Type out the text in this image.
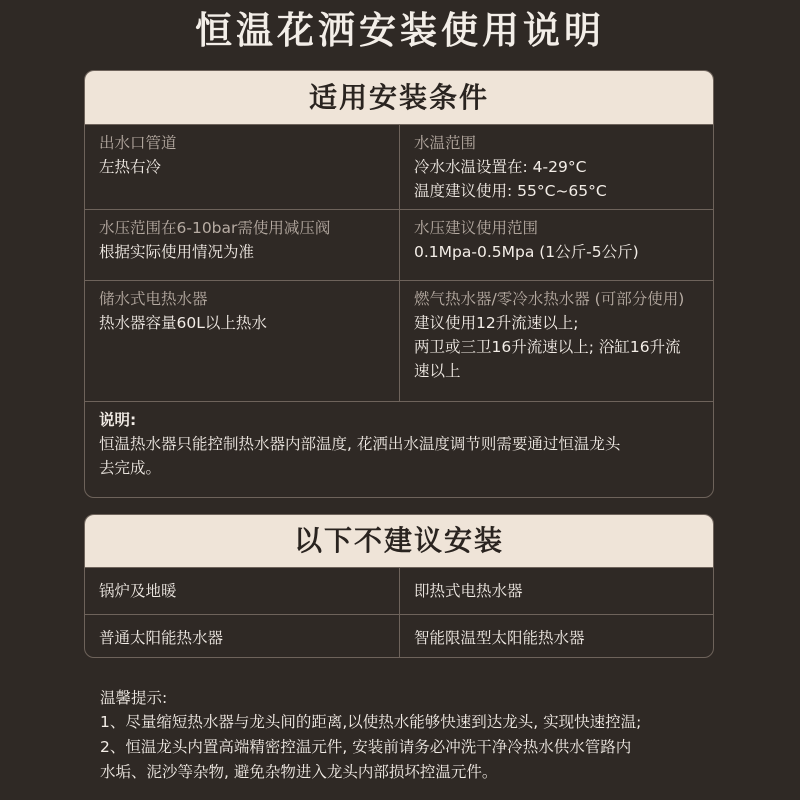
恒温花洒安装使用说明
适用安装条件
出水口管道
左热右冷
水温范围
冷水水温设置在: 4-29°C
温度建议使用: 55°C~65°C
水压范围在6-10bar需使用减压阀
根据实际使用情况为准
水压建议使用范围
0.1Mpa-0.5Mpa (1公斤-5公斤)
储水式电热水器
热水器容量60L以上热水
燃气热水器/零冷水热水器 (可部分使用)
建议使用12升流速以上;
两卫或三卫16升流速以上; 浴缸16升流
速以上
说明:
恒温热水器只能控制热水器内部温度, 花洒出水温度调节则需要通过恒温龙头
去完成。
以下不建议安装
锅炉及地暖	即热式电热水器
普通太阳能热水器	智能限温型太阳能热水器
温馨提示:
1、尽量缩短热水器与龙头间的距离,以使热水能够快速到达龙头, 实现快速控温;
2、恒温龙头内置高端精密控温元件, 安装前请务必冲洗干净冷热水供水管路内
水垢、泥沙等杂物, 避免杂物进入龙头内部损坏控温元件。
